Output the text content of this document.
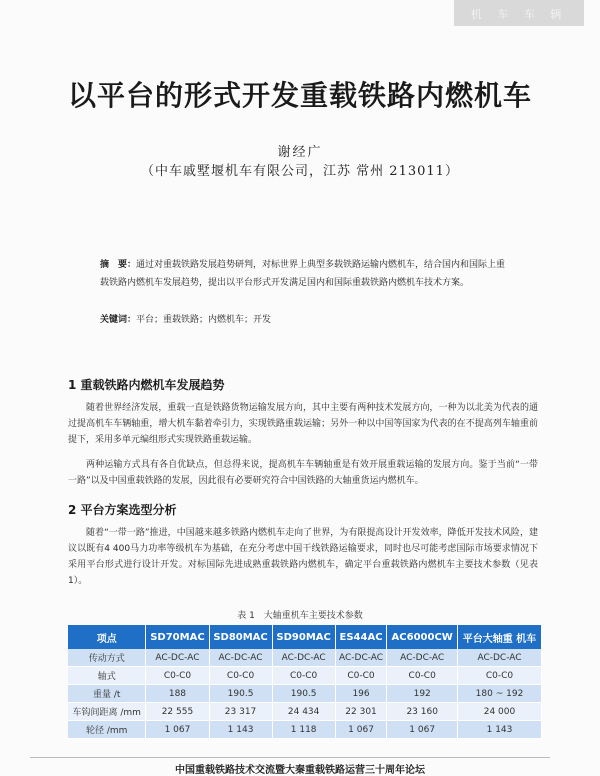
机 车 车 辆
以平台的形式开发重载铁路内燃机车
谢经广
（中车戚墅堰机车有限公司，江苏 常州 213011）
摘　要：通过对重载铁路发展趋势研判，对标世界上典型多载铁路运输内燃机车，结合国内和国际上重载铁路内燃机车发展趋势，提出以平台形式开发满足国内和国际重载铁路内燃机车技术方案。
关键词：平台；重载铁路；内燃机车；开发
1 重载铁路内燃机车发展趋势
随着世界经济发展，重载一直是铁路货物运输发展方向，其中主要有两种技术发展方向，一种为以北美为代表的通过提高机车车辆轴重，增大机车黏着牵引力，实现铁路重载运输；另外一种以中国等国家为代表的在不提高列车轴重前提下，采用多单元编组形式实现铁路重载运输。
两种运输方式具有各自优缺点，但总得来说，提高机车车辆轴重是有效开展重载运输的发展方向。鉴于当前“一带一路”以及中国重载铁路的发展，因此很有必要研究符合中国铁路的大轴重货运内燃机车。
2 平台方案选型分析
随着“一带一路”推进，中国越来越多铁路内燃机车走向了世界，为有限提高设计开发效率，降低开发技术风险，建议以既有4 400马力功率等级机车为基础，在充分考虑中国干线铁路运输要求，同时也尽可能考虑国际市场要求情况下采用平台形式进行设计开发。对标国际先进成熟重载铁路内燃机车，确定平台重载铁路内燃机车主要技术参数（见表1）。
表 1　大轴重机车主要技术参数
项点	SD70MAC	SD80MAC	SD90MAC	ES44AC	AC6000CW	平台大轴重 机车
传动方式	AC-DC-AC	AC-DC-AC	AC-DC-AC	AC-DC-AC	AC-DC-AC	AC-DC-AC
轴式	C0-C0	C0-C0	C0-C0	C0-C0	C0-C0	C0-C0
重量 /t	188	190.5	190.5	196	192	180 ~ 192
车钩间距离 /mm	22 555	23 317	24 434	22 301	23 160	24 000
轮径 /mm	1 067	1 143	1 118	1 067	1 067	1 143
中国重载铁路技术交流暨大秦重载铁路运营三十周年论坛
